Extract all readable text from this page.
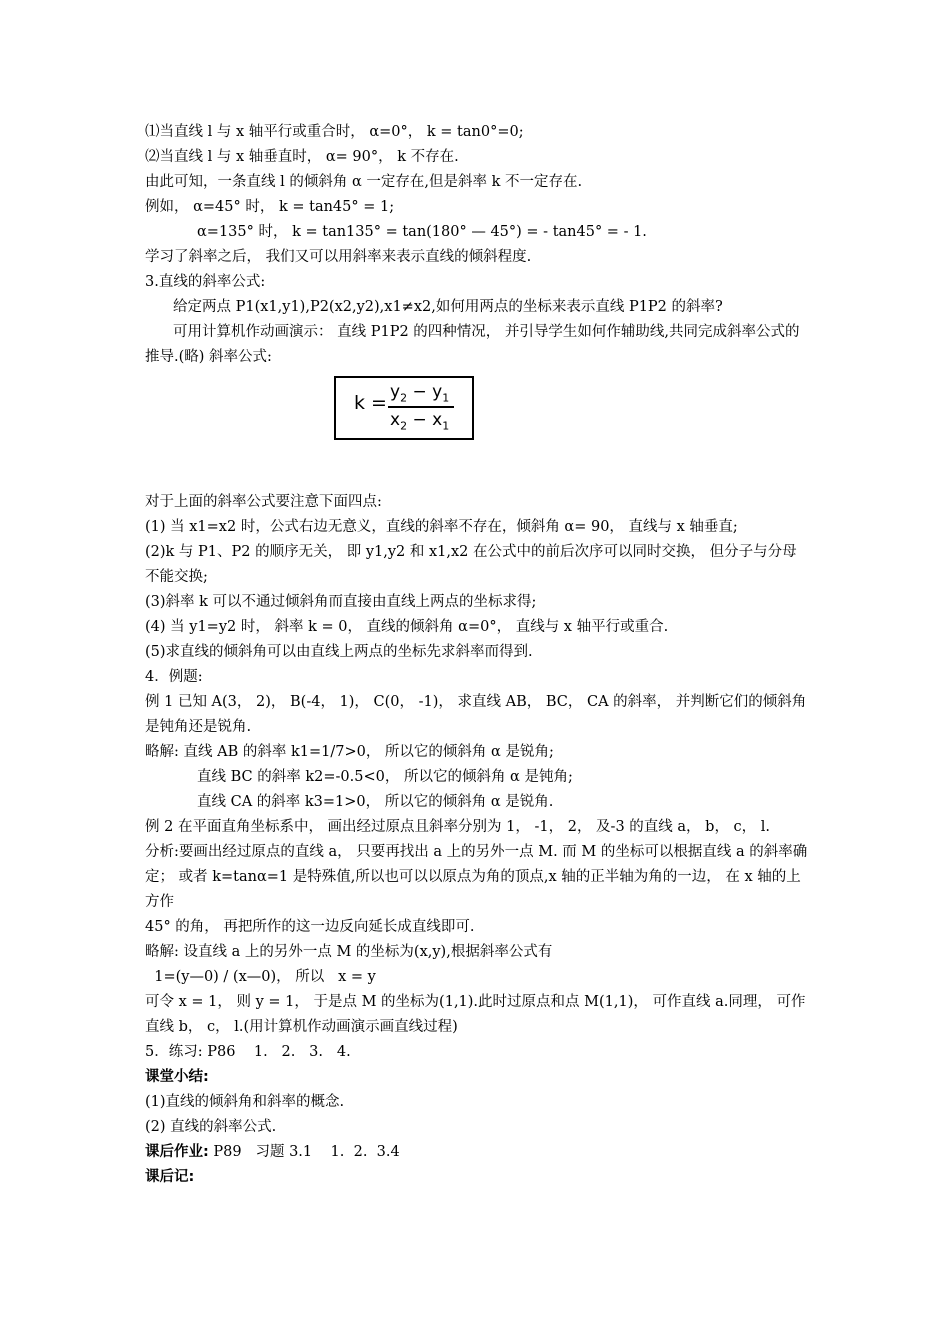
⑴当直线 l 与 x 轴平行或重合时， α=0°， k = tan0°=0;
⑵当直线 l 与 x 轴垂直时， α= 90°， k 不存在.
由此可知，一条直线 l 的倾斜角 α 一定存在,但是斜率 k 不一定存在.
例如， α=45° 时， k = tan45° = 1;
α=135° 时， k = tan135° = tan(180° — 45°) = - tan45° = - 1.
学习了斜率之后， 我们又可以用斜率来表示直线的倾斜程度.
3.直线的斜率公式:
给定两点 P1(x1,y1),P2(x2,y2),x1≠x2,如何用两点的坐标来表示直线 P1P2 的斜率?
可用计算机作动画演示： 直线 P1P2 的四种情况， 并引导学生如何作辅助线,共同完成斜率公式的推导.(略) 斜率公式:
$k = y_2 - y_1$
$x_2 - x_1$
对于上面的斜率公式要注意下面四点:
(1) 当 x1=x2 时，公式右边无意义，直线的斜率不存在，倾斜角 α= 90， 直线与 x 轴垂直;
(2)k 与 P1、P2 的顺序无关， 即 y1,y2 和 x1,x2 在公式中的前后次序可以同时交换， 但分子与分母不能交换;
(3)斜率 k 可以不通过倾斜角而直接由直线上两点的坐标求得;
(4) 当 y1=y2 时， 斜率 k = 0， 直线的倾斜角 α=0°， 直线与 x 轴平行或重合.
(5)求直线的倾斜角可以由直线上两点的坐标先求斜率而得到.
4．例题:
例 1 已知 A(3， 2)， B(-4， 1)， C(0， -1)， 求直线 AB， BC， CA 的斜率， 并判断它们的倾斜角是钝角还是锐角.
略解: 直线 AB 的斜率 k1=1/7>0， 所以它的倾斜角 α 是锐角;
直线 BC 的斜率 k2=-0.5<0， 所以它的倾斜角 α 是钝角;
直线 CA 的斜率 k3=1>0， 所以它的倾斜角 α 是锐角.
例 2 在平面直角坐标系中， 画出经过原点且斜率分别为 1， -1， 2， 及-3 的直线 a， b， c， l.
分析:要画出经过原点的直线 a， 只要再找出 a 上的另外一点 M. 而 M 的坐标可以根据直线 a 的斜率确定； 或者 k=tanα=1 是特殊值,所以也可以以原点为角的顶点,x 轴的正半轴为角的一边， 在 x 轴的上方作
45° 的角， 再把所作的这一边反向延长成直线即可.
略解: 设直线 a 上的另外一点 M 的坐标为(x,y),根据斜率公式有
1=(y—0) / (x—0)， 所以   x = y
可令 x = 1， 则 y = 1， 于是点 M 的坐标为(1,1).此时过原点和点 M(1,1)， 可作直线 a.同理， 可作直线 b， c， l.(用计算机作动画演示画直线过程)
5．练习: P86    1.   2.   3.   4.
课堂小结:
(1)直线的倾斜角和斜率的概念.
(2) 直线的斜率公式.
课后作业: P89   习题 3.1    1.  2.  3.4
课后记:
